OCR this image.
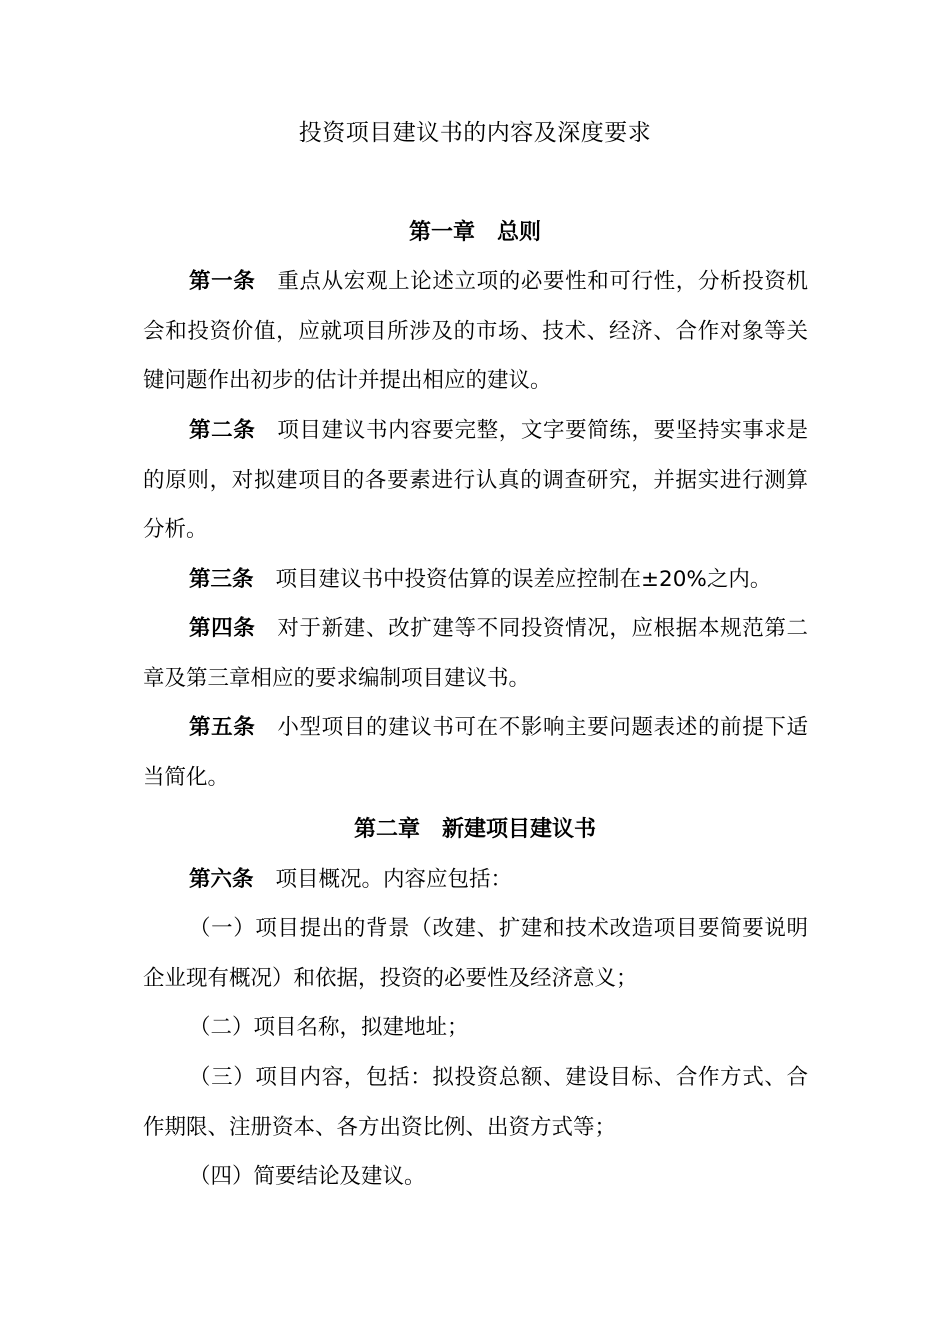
投资项目建议书的内容及深度要求
第一章 总则
第一条 重点从宏观上论述立项的必要性和可行性，分析投资机会和投资价值，应就项目所涉及的市场、技术、经济、合作对象等关键问题作出初步的估计并提出相应的建议。
第二条 项目建议书内容要完整，文字要简练，要坚持实事求是的原则，对拟建项目的各要素进行认真的调查研究，并据实进行测算分析。
第三条 项目建议书中投资估算的误差应控制在±20%之内。
第四条 对于新建、改扩建等不同投资情况，应根据本规范第二章及第三章相应的要求编制项目建议书。
第五条 小型项目的建议书可在不影响主要问题表述的前提下适当简化。
第二章 新建项目建议书
第六条 项目概况。内容应包括：
（一）项目提出的背景（改建、扩建和技术改造项目要简要说明企业现有概况）和依据，投资的必要性及经济意义；
（二）项目名称，拟建地址；
（三）项目内容，包括：拟投资总额、建设目标、合作方式、合作期限、注册资本、各方出资比例、出资方式等；
（四）简要结论及建议。
